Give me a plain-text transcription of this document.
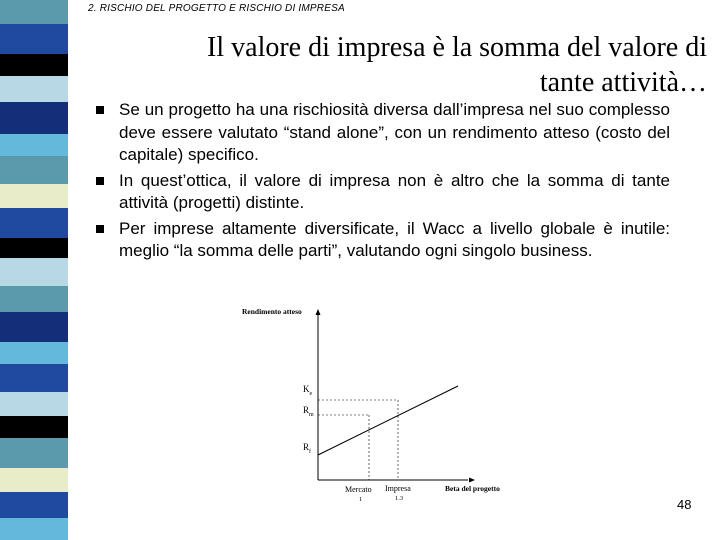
2. RISCHIO DEL PROGETTO E RISCHIO DI IMPRESA
Il valore di impresa è la somma del valore di
tante attività…
Se un progetto ha una rischiosità diversa dall’impresa nel suo complesso deve essere valutato “stand alone”, con un rendimento atteso (costo del capitale) specifico.
In quest’ottica, il valore di impresa non è altro che la somma di tante attività (progetti) distinte.
Per imprese altamente diversificate, il Wacc a livello globale è inutile: meglio “la somma delle parti”, valutando ogni singolo business.
Rendimento atteso
Beta del progetto
$K_e$
$R_m$
$R_f$
Mercato
1
Impresa
1.3	48
